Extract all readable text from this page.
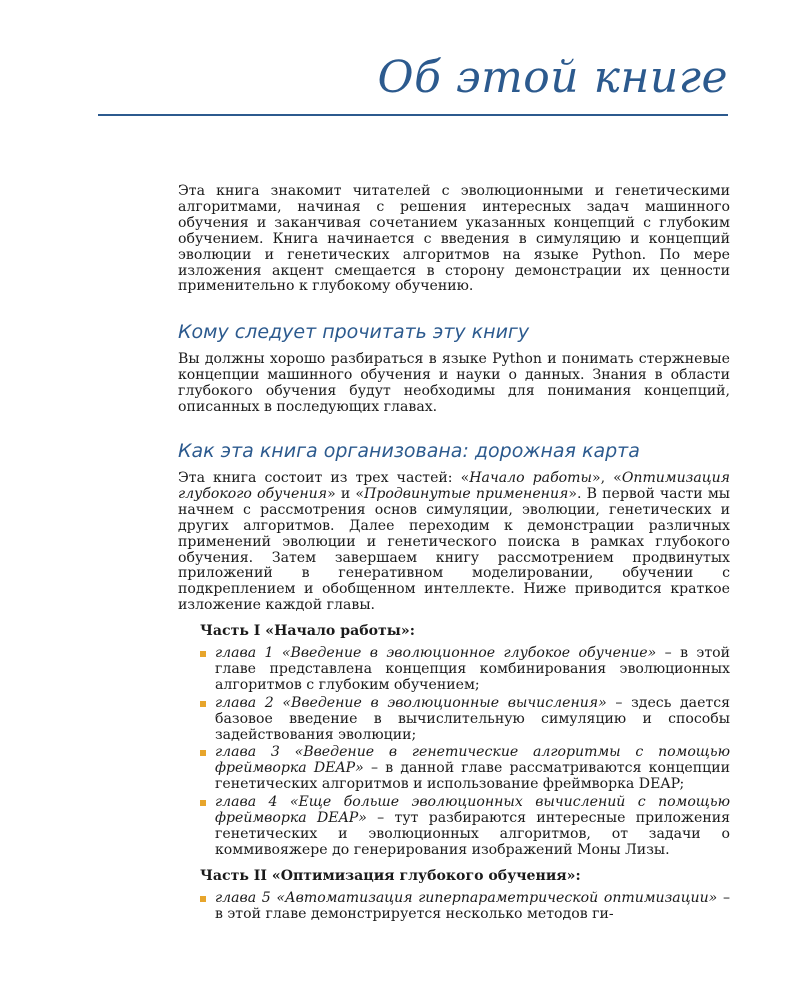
Об этой книге

Эта книга знакомит читателей с эволюционными и генетическими алгоритмами, начиная с решения интересных задач машинного обучения и заканчивая сочетанием указанных концепций с глубоким обучением. Книга начинается с введения в симуляцию и концепций эволюции и генетических алгоритмов на языке Python. По мере изложения акцент смещается в сторону демонстрации их ценности применительно к глубокому обучению.

Кому следует прочитать эту книгу

Вы должны хорошо разбираться в языке Python и понимать стержневые концепции машинного обучения и науки о данных. Знания в области глубокого обучения будут необходимы для понимания концепций, описанных в последующих главах.

Как эта книга организована: дорожная карта

Эта книга состоит из трех частей: «Начало работы», «Оптимизация глубокого обучения» и «Продвинутые применения». В первой части мы начнем с рассмотрения основ симуляции, эволюции, генетических и других алгоритмов. Далее переходим к демонстрации различных применений эволюции и генетического поиска в рамках глубокого обучения. Затем завершаем книгу рассмотрением продвинутых приложений в генеративном моделировании, обучении с подкреплением и обобщенном интеллекте. Ниже приводится краткое изложение каждой главы.

Часть I «Начало работы»:
глава 1 «Введение в эволюционное глубокое обучение» – в этой главе представлена концепция комбинирования эволюционных алгоритмов с глубоким обучением;
глава 2 «Введение в эволюционные вычисления» – здесь дается базовое введение в вычислительную симуляцию и способы задействования эволюции;
глава 3 «Введение в генетические алгоритмы с помощью фреймворка DEAP» – в данной главе рассматриваются концепции генетических алгоритмов и использование фреймворка DEAP;
глава 4 «Еще больше эволюционных вычислений с помощью фреймворка DEAP» – тут разбираются интересные приложения генетических и эволюционных алгоритмов, от задачи о коммивояжере до генерирования изображений Моны Лизы.
Часть II «Оптимизация глубокого обучения»:
глава 5 «Автоматизация гиперпараметрической оптимизации» – в этой главе демонстрируется несколько методов ги-
